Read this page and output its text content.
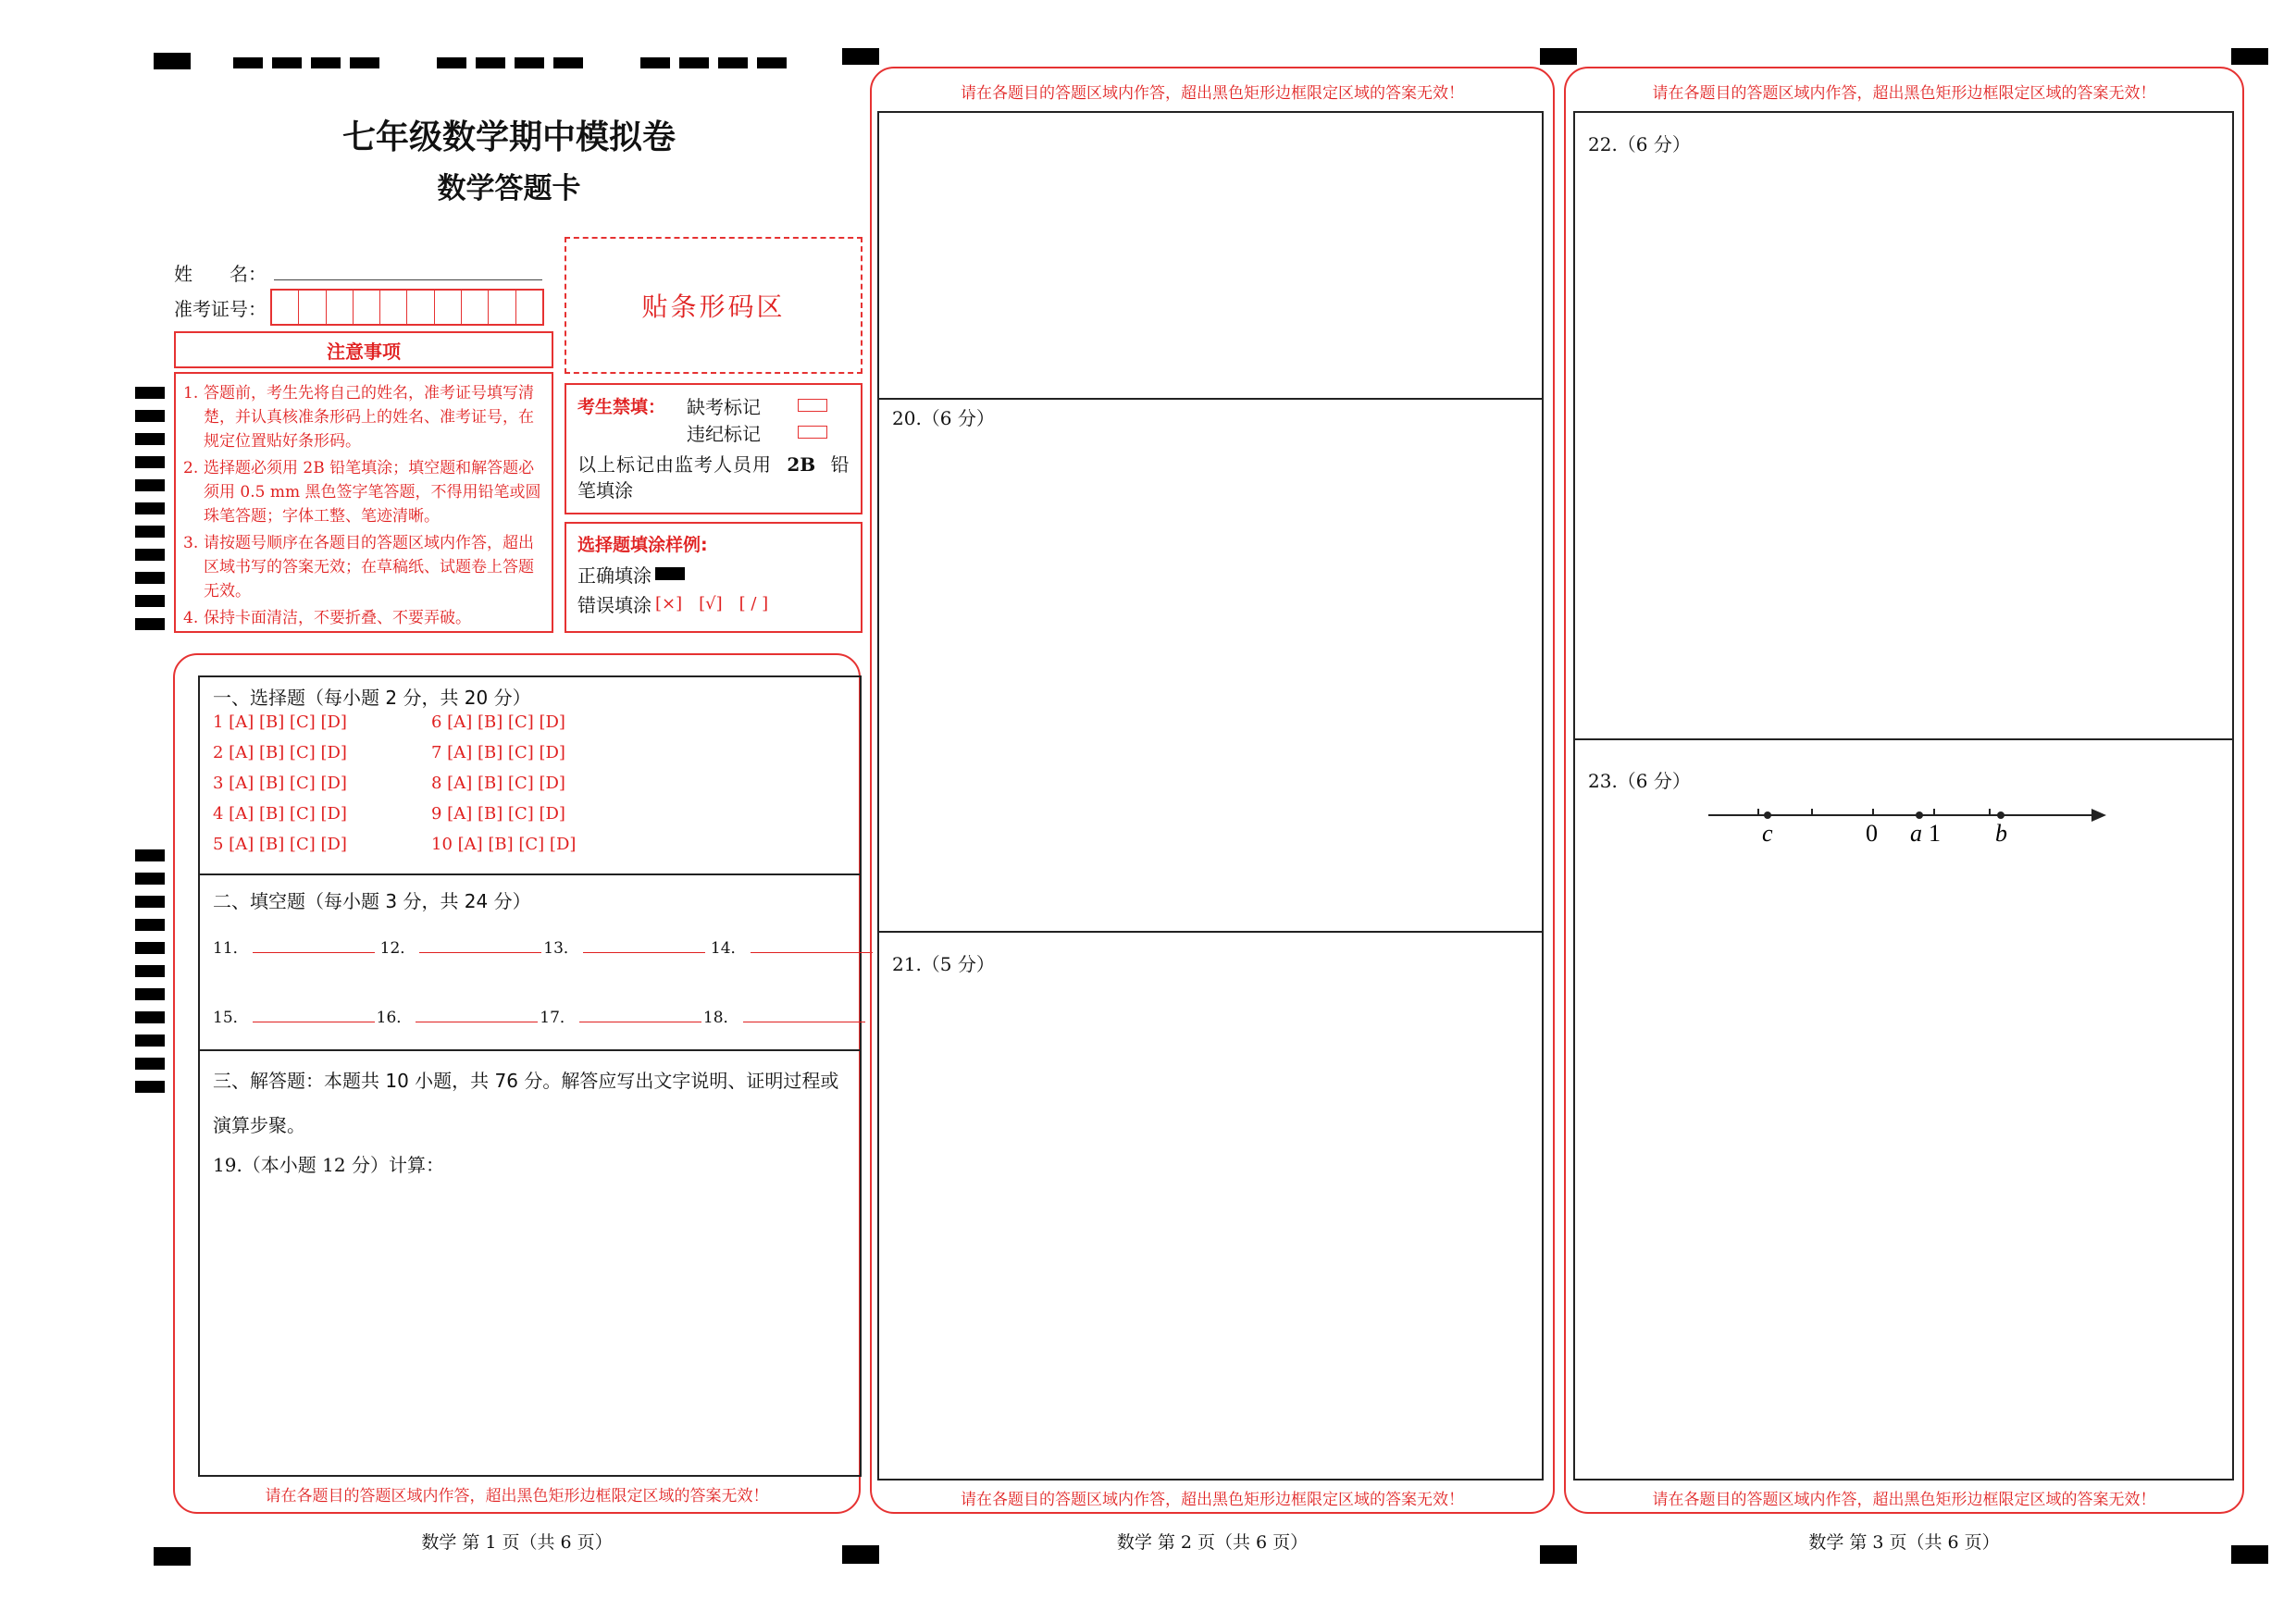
七年级数学期中模拟卷
数学答题卡
姓　　名：
准考证号：	贴条形码区
注意事项
1. 答题前，考生先将自己的姓名，准考证号填写清楚，并认真核准条形码上的姓名、准考证号，在规定位置贴好条形码。
2. 选择题必须用 2B 铅笔填涂；填空题和解答题必须用 0.5 mm 黑色签字笔答题，不得用铅笔或圆珠笔答题；字体工整、笔迹清晰。
3. 请按题号顺序在各题目的答题区域内作答，超出区域书写的答案无效；在草稿纸、试题卷上答题无效。
4. 保持卡面清洁，不要折叠、不要弄破。
考生禁填：	缺考标记
违纪标记
以上标记由监考人员用 2B 铅
笔填涂
选择题填涂样例:
正确填涂
错误填涂 [×] [√] [ / ]
一、选择题（每小题 2 分，共 20 分）
1 [A] [B] [C] [D]	6 [A] [B] [C] [D]
2 [A] [B] [C] [D]	7 [A] [B] [C] [D]
3 [A] [B] [C] [D]	8 [A] [B] [C] [D]
4 [A] [B] [C] [D]	9 [A] [B] [C] [D]
5 [A] [B] [C] [D]	10 [A] [B] [C] [D]
二、填空题（每小题 3 分，共 24 分）
11．	12．	13．	14．
15．	16．	17．	18．
三、解答题：本题共 10 小题，共 76 分。解答应写出文字说明、证明过程或演算步聚。
19.（本小题 12 分）计算：
请在各题目的答题区域内作答，超出黑色矩形边框限定区域的答案无效！
数学 第 1 页（共 6 页）
请在各题目的答题区域内作答，超出黑色矩形边框限定区域的答案无效！
20.（6 分）
21.（5 分）
请在各题目的答题区域内作答，超出黑色矩形边框限定区域的答案无效！
数学 第 2 页（共 6 页）
请在各题目的答题区域内作答，超出黑色矩形边框限定区域的答案无效！
22.（6 分）
23.（6 分）
c	0 a 1 b
请在各题目的答题区域内作答，超出黑色矩形边框限定区域的答案无效！
数学 第 3 页（共 6 页）
